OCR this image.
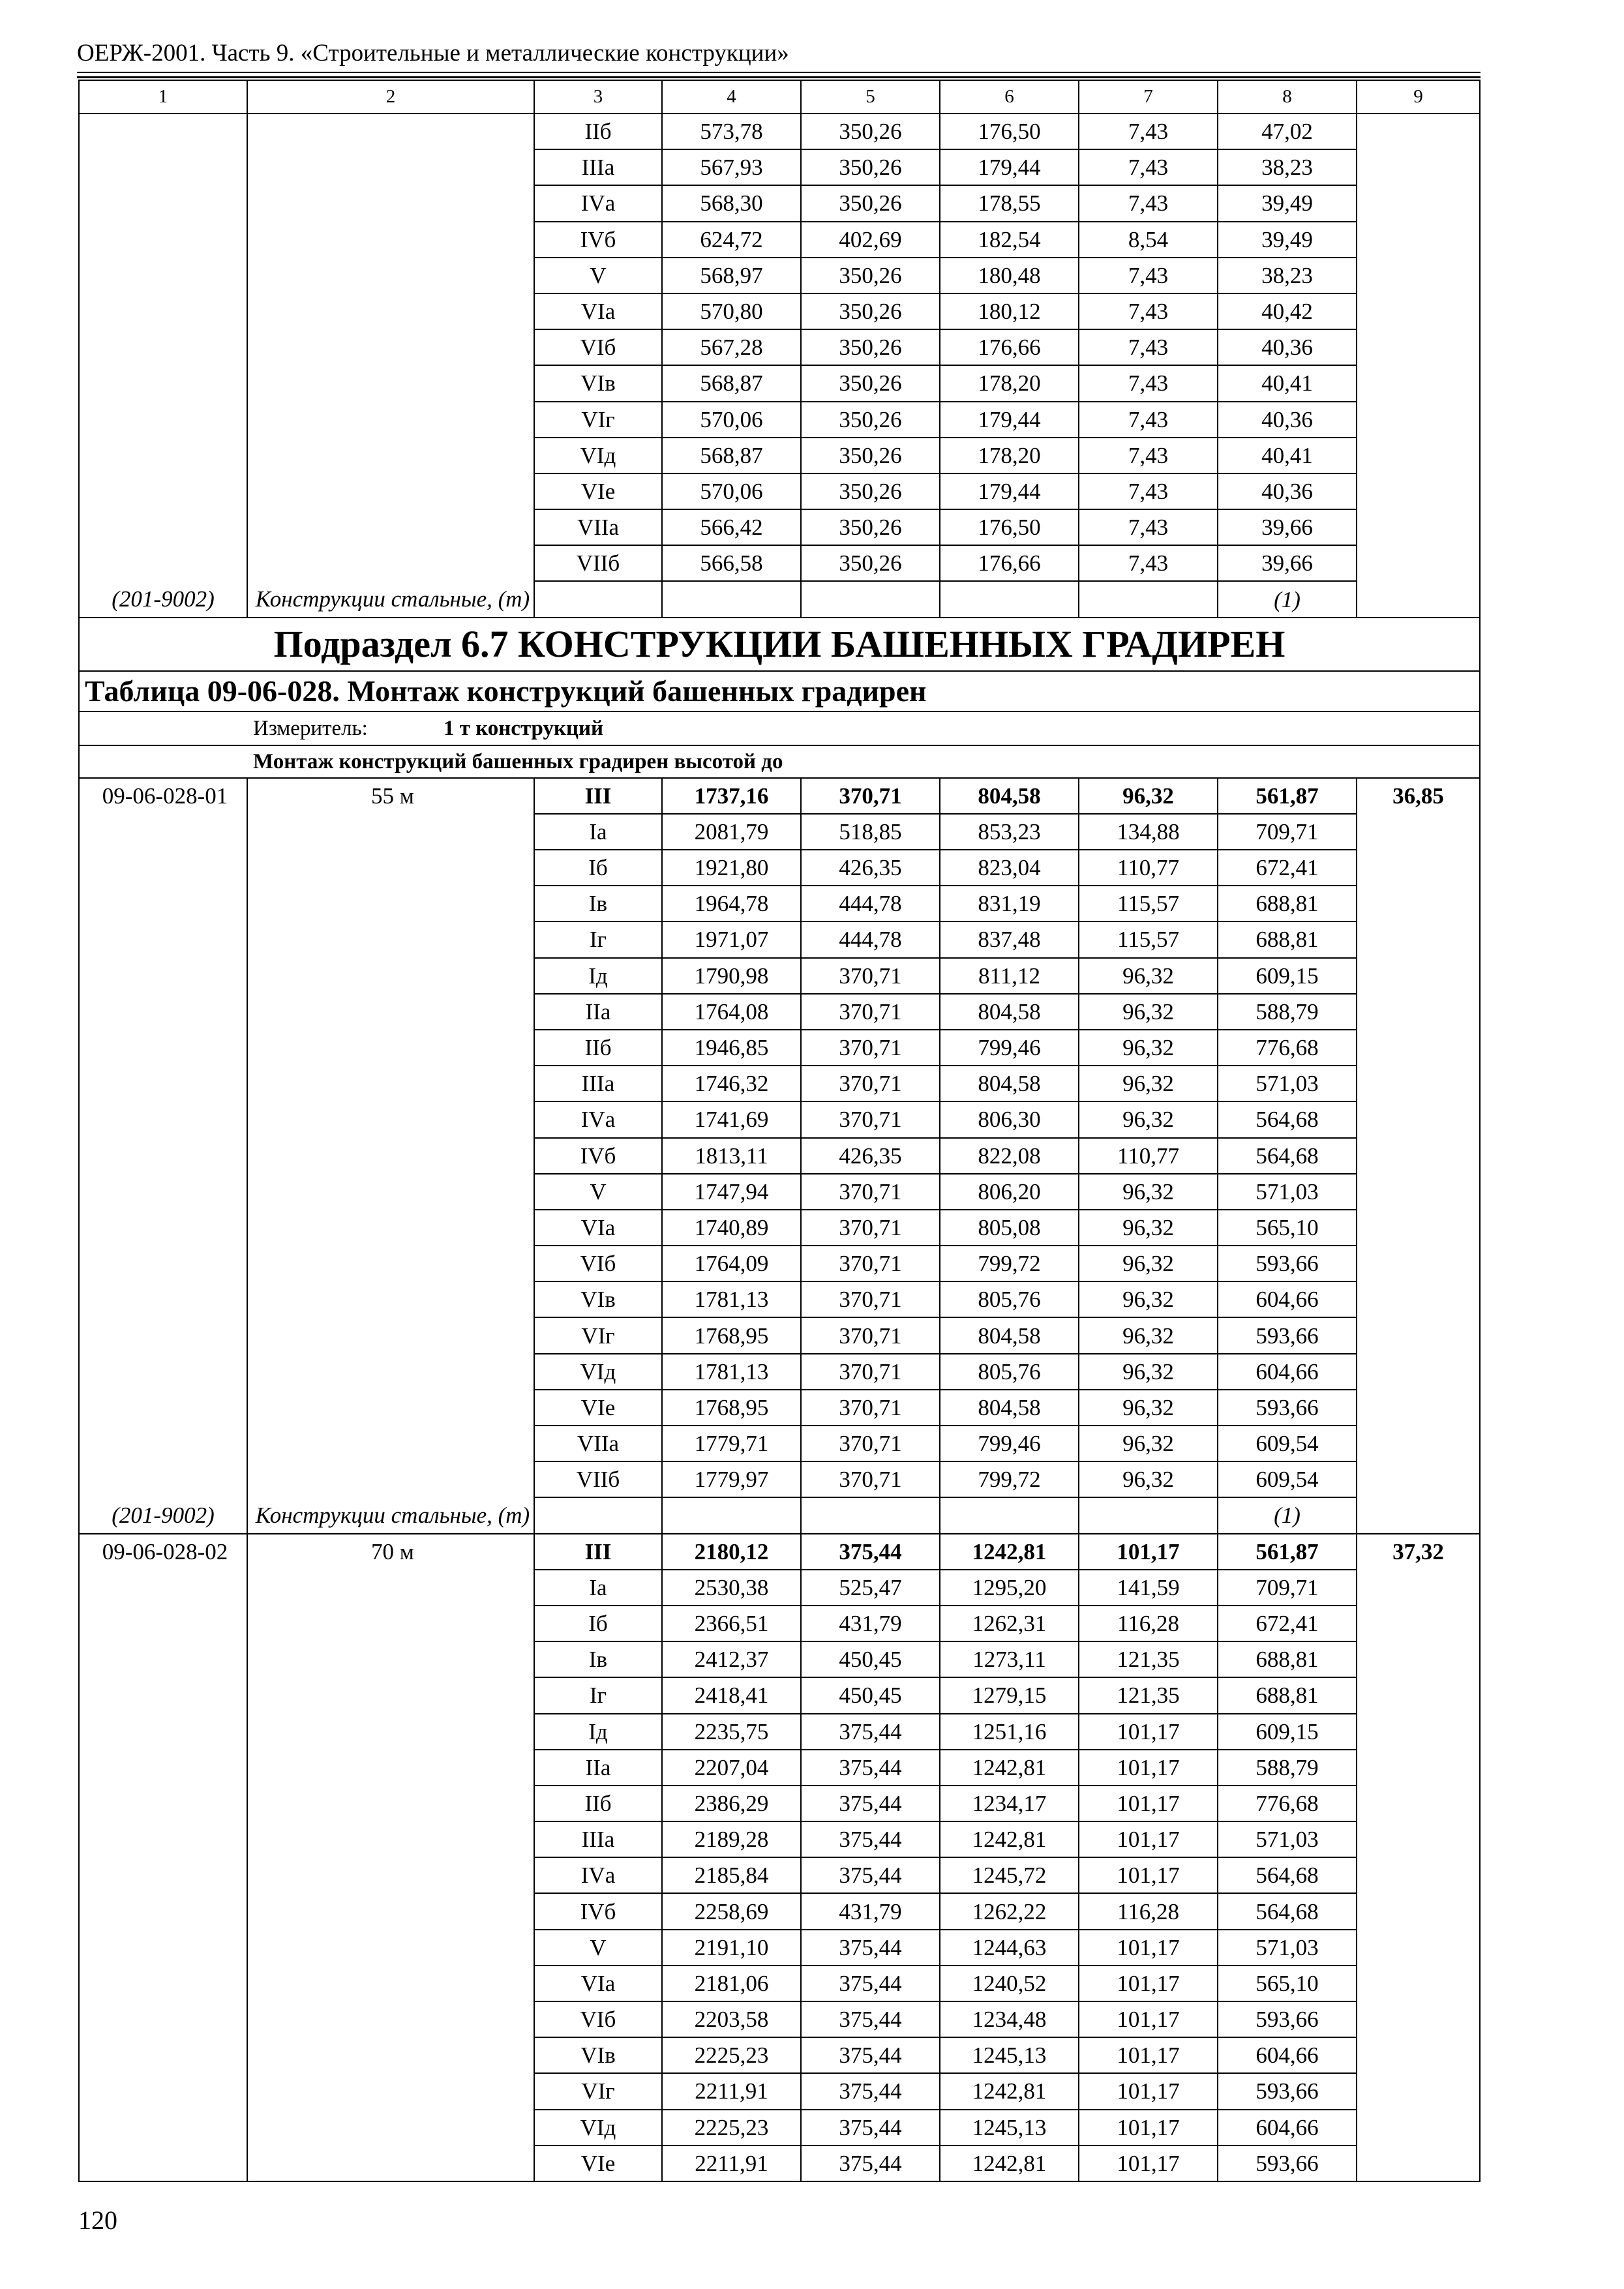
ОЕРЖ-2001. Часть 9. «Строительные и металлические конструкции»
1	2	3	4	5	6	7	8	9
		IIб	573,78	350,26	176,50	7,43	47,02	
		IIIа	567,93	350,26	179,44	7,43	38,23	
		IVа	568,30	350,26	178,55	7,43	39,49	
		IVб	624,72	402,69	182,54	8,54	39,49	
		V	568,97	350,26	180,48	7,43	38,23	
		VIа	570,80	350,26	180,12	7,43	40,42	
		VIб	567,28	350,26	176,66	7,43	40,36	
		VIв	568,87	350,26	178,20	7,43	40,41	
		VIг	570,06	350,26	179,44	7,43	40,36	
		VIд	568,87	350,26	178,20	7,43	40,41	
		VIе	570,06	350,26	179,44	7,43	40,36	
		VIIа	566,42	350,26	176,50	7,43	39,66	
		VIIб	566,58	350,26	176,66	7,43	39,66	
(201-9002)	Конструкции стальные, (т)						(1)	
Подраздел 6.7 КОНСТРУКЦИИ БАШЕННЫХ ГРАДИРЕН								
Таблица 09-06-028. Монтаж конструкций башенных градирен								
Измеритель: 1 т конструкций								
Монтаж конструкций башенных градирен высотой до								
09-06-028-01	55 м	III	1737,16	370,71	804,58	96,32	561,87	36,85
		Iа	2081,79	518,85	853,23	134,88	709,71	
		Iб	1921,80	426,35	823,04	110,77	672,41	
		Iв	1964,78	444,78	831,19	115,57	688,81	
		Iг	1971,07	444,78	837,48	115,57	688,81	
		Iд	1790,98	370,71	811,12	96,32	609,15	
		IIа	1764,08	370,71	804,58	96,32	588,79	
		IIб	1946,85	370,71	799,46	96,32	776,68	
		IIIа	1746,32	370,71	804,58	96,32	571,03	
		IVа	1741,69	370,71	806,30	96,32	564,68	
		IVб	1813,11	426,35	822,08	110,77	564,68	
		V	1747,94	370,71	806,20	96,32	571,03	
		VIа	1740,89	370,71	805,08	96,32	565,10	
		VIб	1764,09	370,71	799,72	96,32	593,66	
		VIв	1781,13	370,71	805,76	96,32	604,66	
		VIг	1768,95	370,71	804,58	96,32	593,66	
		VIд	1781,13	370,71	805,76	96,32	604,66	
		VIе	1768,95	370,71	804,58	96,32	593,66	
		VIIа	1779,71	370,71	799,46	96,32	609,54	
		VIIб	1779,97	370,71	799,72	96,32	609,54	
(201-9002)	Конструкции стальные, (т)						(1)	
09-06-028-02	70 м	III	2180,12	375,44	1242,81	101,17	561,87	37,32
		Iа	2530,38	525,47	1295,20	141,59	709,71	
		Iб	2366,51	431,79	1262,31	116,28	672,41	
		Iв	2412,37	450,45	1273,11	121,35	688,81	
		Iг	2418,41	450,45	1279,15	121,35	688,81	
		Iд	2235,75	375,44	1251,16	101,17	609,15	
		IIа	2207,04	375,44	1242,81	101,17	588,79	
		IIб	2386,29	375,44	1234,17	101,17	776,68	
		IIIа	2189,28	375,44	1242,81	101,17	571,03	
		IVа	2185,84	375,44	1245,72	101,17	564,68	
		IVб	2258,69	431,79	1262,22	116,28	564,68	
		V	2191,10	375,44	1244,63	101,17	571,03	
		VIа	2181,06	375,44	1240,52	101,17	565,10	
		VIб	2203,58	375,44	1234,48	101,17	593,66	
		VIв	2225,23	375,44	1245,13	101,17	604,66	
		VIг	2211,91	375,44	1242,81	101,17	593,66	
		VIд	2225,23	375,44	1245,13	101,17	604,66	
		VIе	2211,91	375,44	1242,81	101,17	593,66	
120
